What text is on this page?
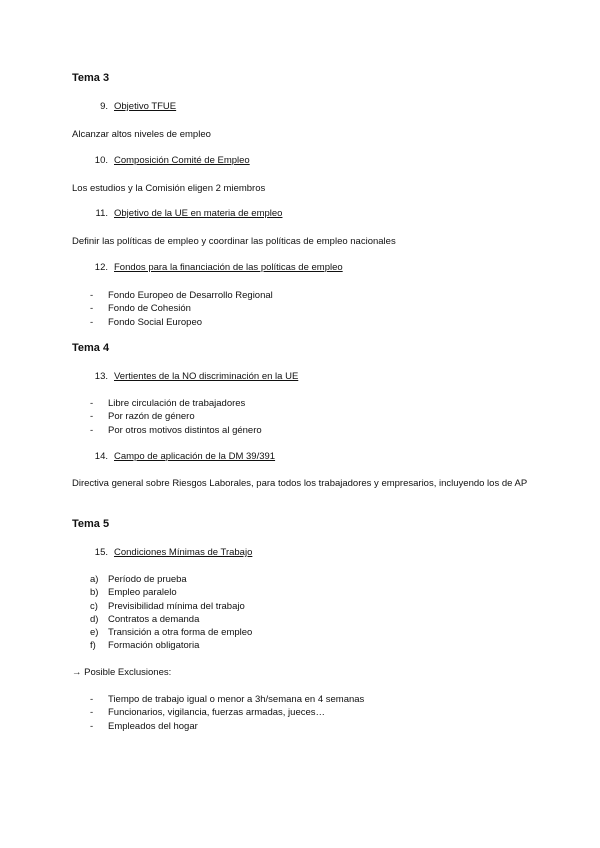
Tema 3
9. Objetivo TFUE
Alcanzar altos niveles de empleo
10. Composición Comité de Empleo
Los estudios y la Comisión eligen 2 miembros
11. Objetivo de la UE en materia de empleo
Definir las políticas de empleo y coordinar las políticas de empleo nacionales
12. Fondos para la financiación de las políticas de empleo
- Fondo Europeo de Desarrollo Regional
- Fondo de Cohesión
- Fondo Social Europeo
Tema 4
13. Vertientes de la NO discriminación en la UE
- Libre circulación de trabajadores
- Por razón de género
- Por otros motivos distintos al género
14. Campo de aplicación de la DM 39/391
Directiva general sobre Riesgos Laborales, para todos los trabajadores y empresarios, incluyendo los de AP
Tema 5
15. Condiciones Mínimas de Trabajo
a) Período de prueba
b) Empleo paralelo
c) Previsibilidad mínima del trabajo
d) Contratos a demanda
e) Transición a otra forma de empleo
f) Formación obligatoria
→ Posible Exclusiones:
- Tiempo de trabajo igual o menor a 3h/semana en 4 semanas
- Funcionarios, vigilancia, fuerzas armadas, jueces…
- Empleados del hogar
